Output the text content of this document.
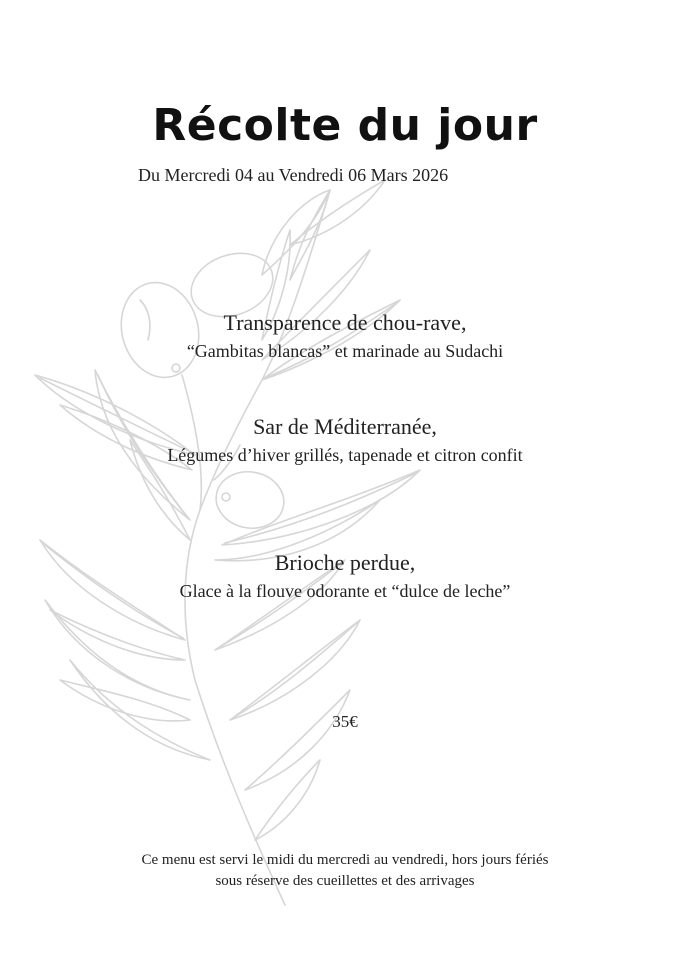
Récolte du jour
Du Mercredi 04 au Vendredi 06 Mars 2026
Transparence de chou-rave,
“Gambitas blancas” et marinade au Sudachi
Sar de Méditerranée,
Légumes d’hiver grillés, tapenade et citron confit
Brioche perdue,
Glace à la flouve odorante et “dulce de leche”
35€
Ce menu est servi le midi du mercredi au vendredi, hors jours fériés
sous réserve des cueillettes et des arrivages
